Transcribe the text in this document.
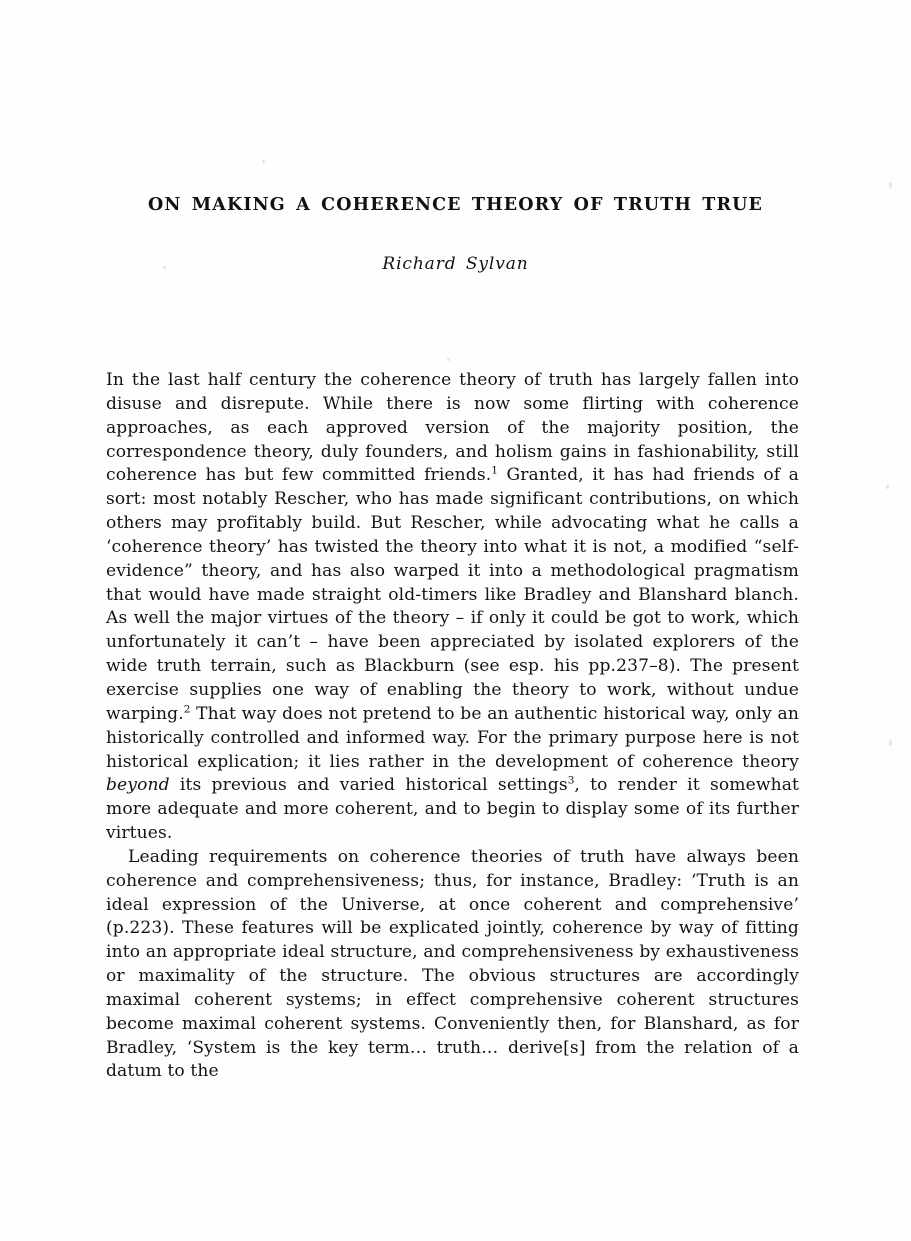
ON MAKING A COHERENCE THEORY OF TRUTH TRUE
Richard Sylvan

In the last half century the coherence theory of truth has largely fallen into disuse and disrepute. While there is now some flirting with coherence approaches, as each approved version of the majority position, the correspondence theory, duly founders, and holism gains in fashionability, still coherence has but few committed friends.$^1$ Granted, it has had friends of a sort: most notably Rescher, who has made significant contributions, on which others may profitably build. But Rescher, while advocating what he calls a ‘coherence theory’ has twisted the theory into what it is not, a modified “self-evidence” theory, and has also warped it into a methodological pragmatism that would have made straight old-timers like Bradley and Blanshard blanch. As well the major virtues of the theory – if only it could be got to work, which unfortunately it can’t – have been appreciated by isolated explorers of the wide truth terrain, such as Blackburn (see esp. his pp.237–8). The present exercise supplies one way of enabling the theory to work, without undue warping.$^2$ That way does not pretend to be an authentic historical way, only an historically controlled and informed way. For the primary purpose here is not historical explication; it lies rather in the development of coherence theory beyond its previous and varied historical settings$^3$, to render it somewhat more adequate and more coherent, and to begin to display some of its further virtues.

Leading requirements on coherence theories of truth have always been coherence and comprehensiveness; thus, for instance, Bradley: ‘Truth is an ideal expression of the Universe, at once coherent and comprehensive’ (p.223). These features will be explicated jointly, coherence by way of fitting into an appropriate ideal structure, and comprehensiveness by exhaustiveness or maximality of the structure. The obvious structures are accordingly maximal coherent systems; in effect comprehensive coherent structures become maximal coherent systems. Conveniently then, for Blanshard, as for Bradley, ‘System is the key term… truth… derive[s] from the relation of a datum to the
